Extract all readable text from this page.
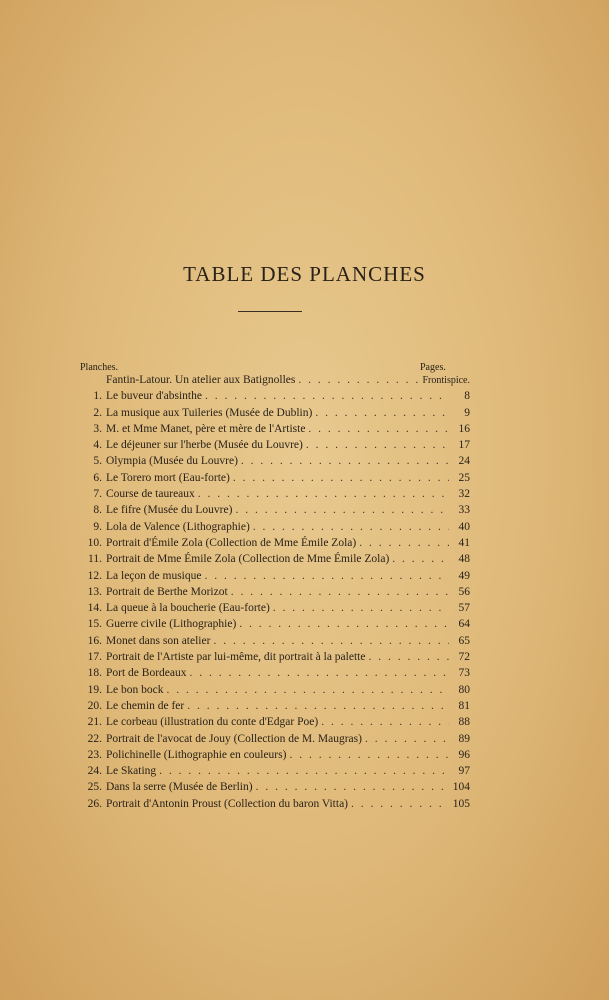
TABLE DES PLANCHES
Planches.	Pages.
Fantin-Latour. Un atelier aux Batignolles . . .	Frontispice.
1. Le buveur d'absinthe . . .	8
2. La musique aux Tuileries (Musée de Dublin) . . .	9
3. M. et Mme Manet, père et mère de l'Artiste . . .	16
4. Le déjeuner sur l'herbe (Musée du Louvre) . . .	17
5. Olympia (Musée du Louvre) . . .	24
6. Le Torero mort (Eau-forte) . . .	25
7. Course de taureaux . . .	32
8. Le fifre (Musée du Louvre) . . .	33
9. Lola de Valence (Lithographie) . . .	40
10. Portrait d'Émile Zola (Collection de Mme Émile Zola) . . .	41
11. Portrait de Mme Émile Zola (Collection de Mme Émile Zola) . . .	48
12. La leçon de musique . . .	49
13. Portrait de Berthe Morizot . . .	56
14. La queue à la boucherie (Eau-forte) . . .	57
15. Guerre civile (Lithographie) . . .	64
16. Monet dans son atelier . . .	65
17. Portrait de l'Artiste par lui-même, dit portrait à la palette . . .	72
18. Port de Bordeaux . . .	73
19. Le bon bock . . .	80
20. Le chemin de fer . . .	81
21. Le corbeau (illustration du conte d'Edgar Poe) . . .	88
22. Portrait de l'avocat de Jouy (Collection de M. Maugras) . . .	89
23. Polichinelle (Lithographie en couleurs) . . .	96
24. Le Skating . . .	97
25. Dans la serre (Musée de Berlin) . . .	104
26. Portrait d'Antonin Proust (Collection du baron Vitta) . . .	105
